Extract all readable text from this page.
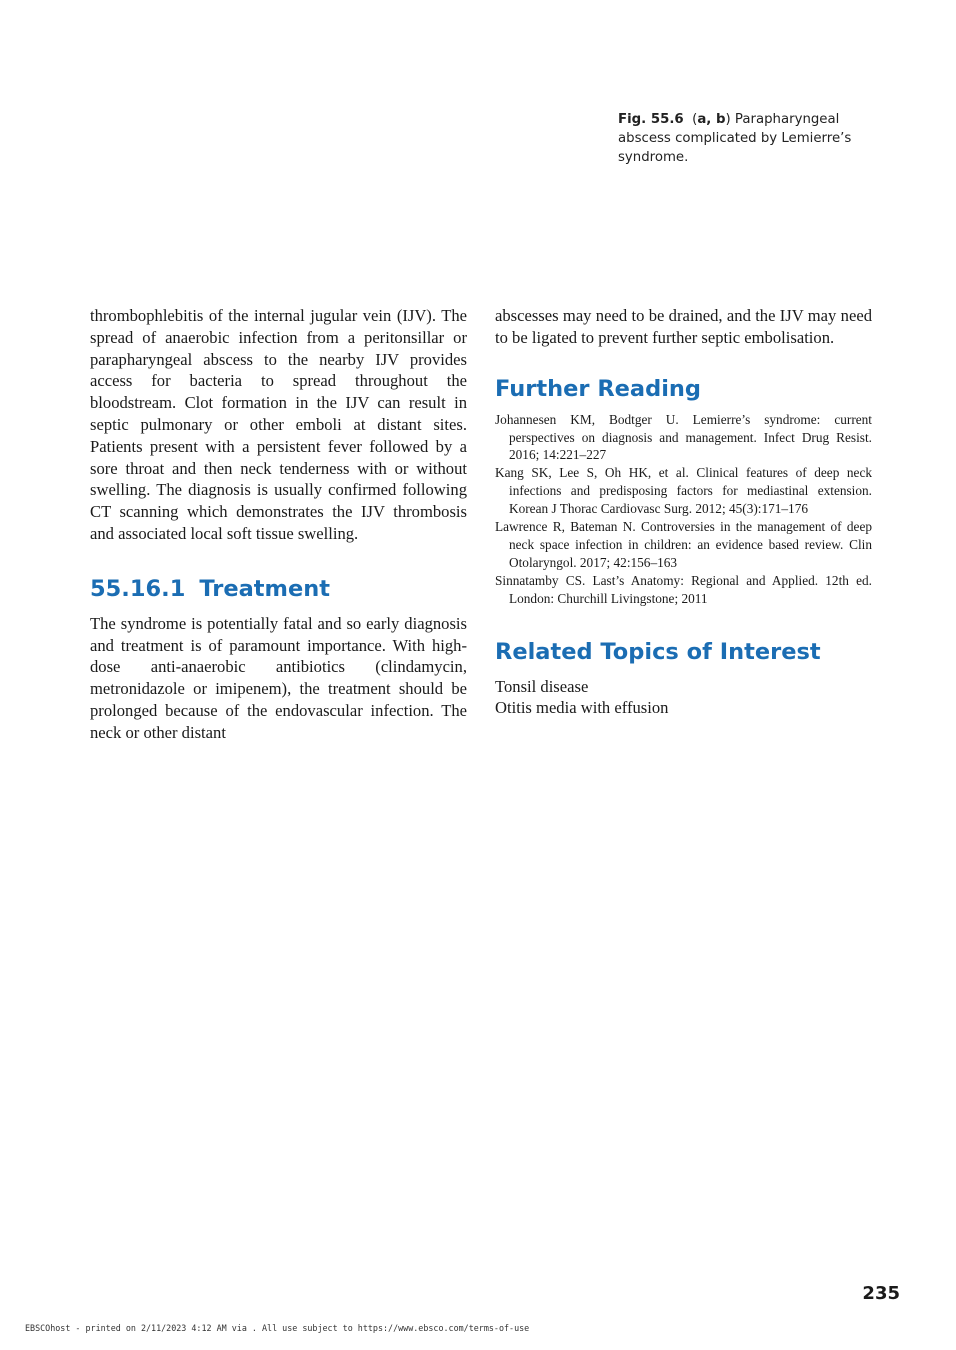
Fig. 55.6  (a, b) Parapharyngeal abscess complicated by Lemierre’s syndrome.

thrombophlebitis of the internal jugular vein (IJV). The spread of anaerobic infection from a peritonsillar or parapharyngeal abscess to the nearby IJV provides access for bacteria to spread throughout the bloodstream. Clot formation in the IJV can result in septic pulmonary or other emboli at distant sites. Patients present with a persistent fever followed by a sore throat and then neck tenderness with or without swelling. The diagnosis is usually confirmed following CT scanning which demonstrates the IJV thrombosis and associated local soft tissue swelling.

55.16.1 Treatment

The syndrome is potentially fatal and so early diagnosis and treatment is of paramount importance. With high-dose anti-anaerobic antibiotics (clindamycin, metronidazole or imipenem), the treatment should be prolonged because of the endovascular infection. The neck or other distant

abscesses may need to be drained, and the IJV may need to be ligated to prevent further septic embolisation.

Further Reading
Johannesen KM, Bodtger U. Lemierre’s syndrome: current perspectives on diagnosis and management. Infect Drug Resist. 2016; 14:221–227
Kang SK, Lee S, Oh HK, et al. Clinical features of deep neck infections and predisposing factors for mediastinal extension. Korean J Thorac Cardiovasc Surg. 2012; 45(3):171–176
Lawrence R, Bateman N. Controversies in the management of deep neck space infection in children: an evidence based review. Clin Otolaryngol. 2017; 42:156–163
Sinnatamby CS. Last’s Anatomy: Regional and Applied. 12th ed. London: Churchill Livingstone; 2011
Related Topics of Interest
Tonsil disease
Otitis media with effusion
235
EBSCOhost - printed on 2/11/2023 4:12 AM via . All use subject to https://www.ebsco.com/terms-of-use
